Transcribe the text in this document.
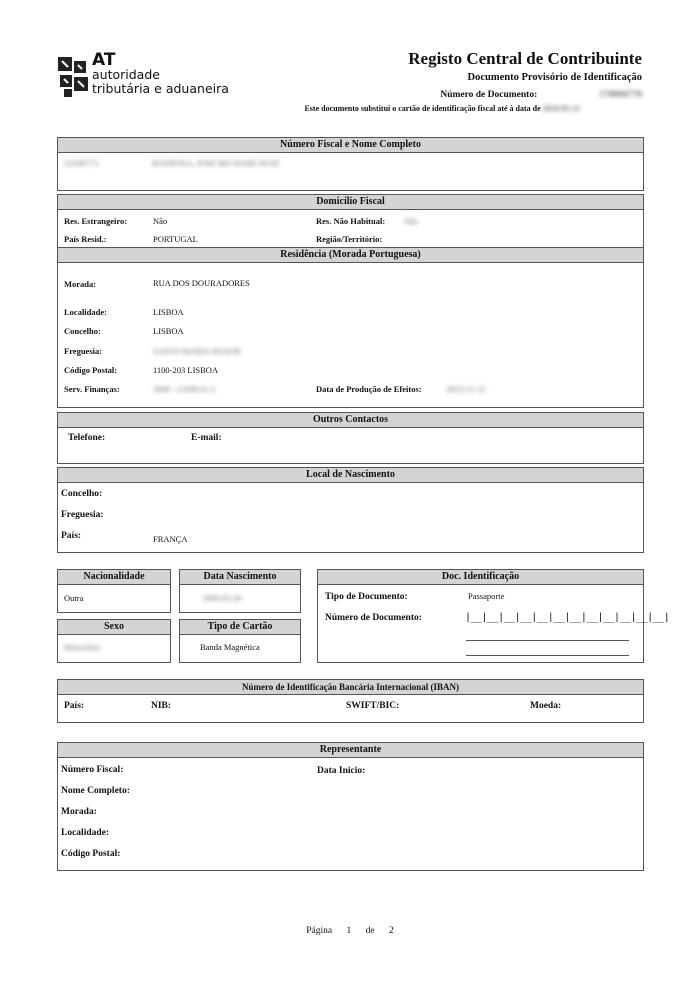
AT
autoridade
tributária e aduaneira
Registo Central de Contribuinte
Documento Provisório de Identificação
Número de Documento:	170066770
Este documento substitui o cartão de identificação fiscal até à data de 2024-05-22
Número Fiscal e Nome Completo
22269775	BARROSA, JOSE BECHARE RUIZ
Domicílio Fiscal
Res. Estrangeiro:	Não	Res. Não Habitual: Não
País Resid.:	PORTUGAL	Região/Território:
Residência (Morada Portuguesa)
Morada:	RUA DOS DOURADORES
Localidade:	LISBOA
Concelho:	LISBOA
Freguesia:	SANTA MARIA MAIOR
Código Postal:	1100-203 LISBOA
Serv. Finanças:	3069 - LISBOA-3	Data de Produção de Efeitos:	2023-11-15
Outros Contactos
Telefone:	E-mail:
Local de Nascimento
Concelho:
Freguesia:
País:	FRANÇA
Nacionalidade
Outra
Data Nascimento
1999-05-20
Sexo
Masculino
Tipo de Cartão
Banda Magnética
Doc. Identificação
Tipo de Documento:	Passaporte
Número de Documento:	|__|__|__|__|__|__|__|__|__|__|__|__|
Número de Identificação Bancária Internacional (IBAN)
País:	NIB:	SWIFT/BIC:	Moeda:
Representante
Número Fiscal:	Data Inicio:
Nome Completo:
Morada:
Localidade:
Código Postal:
Página 1 de 2
